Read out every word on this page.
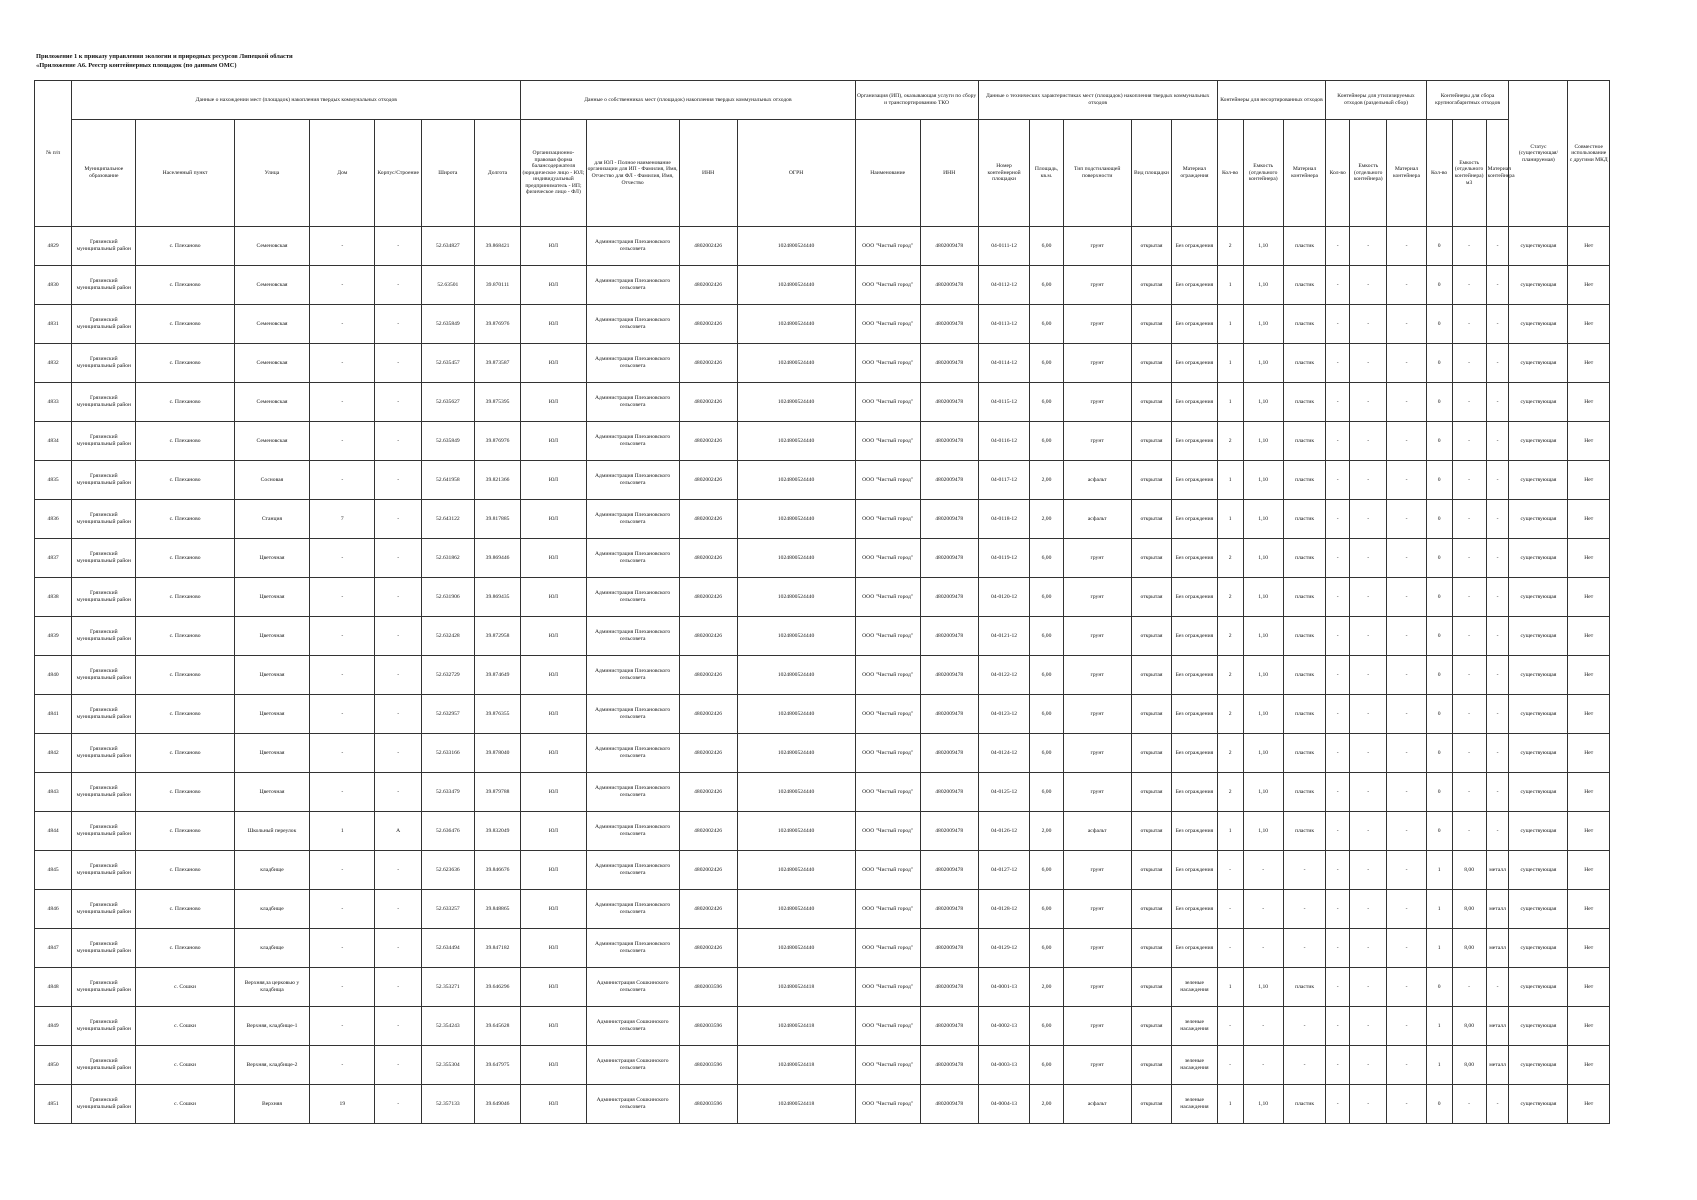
Приложение 1 к приказу управления экологии и природных ресурсов Липецкой области
«Приложение А6. Реестр контейнерных площадок (по данным ОМС)
№ п/п	Данные о нахождении мест (площадок) накопления твердых коммунальных отходов							Данные о собственниках мест (площадок) накопления твердых коммунальных отходов				Организация (ИП), оказывающая услуги по сбору и транспортированию ТКО		Данные о технических характеристиках мест (площадок) накопления твердых коммунальных отходов					Контейнеры для несортированных отходов			Контейнеры для утилизируемых отходов (раздельный сбор)			Контейнеры для сбора крупногабаритных отходов			Статус (существующая/ планируемая)	Совместное использование с другими МКД
	Муниципальное образование	Населенный пункт	Улица	Дом	Корпус/Строение	Широта	Долгота	Организационно-правовая форма балансодержателя (юридическое лицо - ЮЛ; индивидуальный предприниматель - ИП; физическое лицо - ФЛ)	для ЮЛ - Полное наименование организации для ИП - Фамилия, Имя, Отчество для ФЛ - Фамилия, Имя, Отчество	ИНН	ОГРН	Наименование	ИНН	Номер контейнерной площадки	Площадь, кв.м.	Тип подстилающей поверхности	Вид площадки	Материал ограждения	Кол-во	Емкость (отдельного контейнера)	Материал контейнера	Кол-во	Емкость (отдельного контейнера)	Материал контейнера	Кол-во	Емкость (отдельного контейнера) м3	Материал контейнера		
4829	Грязинский муниципальный район	с. Плеханово	Семеновская	-	-	52.634827	39.868421	ЮЛ	Администрация Плехановского сельсовета	4802002426	1024800524440	ООО "Чистый город"	4802009478	04-0111-12	6,00	грунт	открытая	Без ограждения	2	1,10	пластик	-	-	-	0	-	-	существующая	Нет
4830	Грязинский муниципальный район	с. Плеханово	Семеновская	-	-	52.63501	39.870111	ЮЛ	Администрация Плехановского сельсовета	4802002426	1024800524440	ООО "Чистый город"	4802009478	04-0112-12	6,00	грунт	открытая	Без ограждения	1	1,10	пластик	-	-	-	0	-	-	существующая	Нет
4831	Грязинский муниципальный район	с. Плеханово	Семеновская	-	-	52.635849	39.876976	ЮЛ	Администрация Плехановского сельсовета	4802002426	1024800524440	ООО "Чистый город"	4802009478	04-0113-12	6,00	грунт	открытая	Без ограждения	1	1,10	пластик	-	-	-	0	-	-	существующая	Нет
4832	Грязинский муниципальный район	с. Плеханово	Семеновская	-	-	52.635457	39.873587	ЮЛ	Администрация Плехановского сельсовета	4802002426	1024800524440	ООО "Чистый город"	4802009478	04-0114-12	6,00	грунт	открытая	Без ограждения	1	1,10	пластик	-	-	-	0	-	-	существующая	Нет
4833	Грязинский муниципальный район	с. Плеханово	Семеновская	-	-	52.635627	39.875395	ЮЛ	Администрация Плехановского сельсовета	4802002426	1024800524440	ООО "Чистый город"	4802009478	04-0115-12	6,00	грунт	открытая	Без ограждения	1	1,10	пластик	-	-	-	0	-	-	существующая	Нет
4834	Грязинский муниципальный район	с. Плеханово	Семеновская	-	-	52.635849	39.876976	ЮЛ	Администрация Плехановского сельсовета	4802002426	1024800524440	ООО "Чистый город"	4802009478	04-0116-12	6,00	грунт	открытая	Без ограждения	2	1,10	пластик	-	-	-	0	-	-	существующая	Нет
4835	Грязинский муниципальный район	с. Плеханово	Сосновая	-	-	52.641958	39.821366	ЮЛ	Администрация Плехановского сельсовета	4802002426	1024800524440	ООО "Чистый город"	4802009478	04-0117-12	2,00	асфальт	открытая	Без ограждения	1	1,10	пластик	-	-	-	0	-	-	существующая	Нет
4836	Грязинский муниципальный район	с. Плеханово	Станция	7	-	52.643122	39.817885	ЮЛ	Администрация Плехановского сельсовета	4802002426	1024800524440	ООО "Чистый город"	4802009478	04-0118-12	2,00	асфальт	открытая	Без ограждения	1	1,10	пластик	-	-	-	0	-	-	существующая	Нет
4837	Грязинский муниципальный район	с. Плеханово	Цветочная	-	-	52.631862	39.869446	ЮЛ	Администрация Плехановского сельсовета	4802002426	1024800524440	ООО "Чистый город"	4802009478	04-0119-12	6,00	грунт	открытая	Без ограждения	2	1,10	пластик	-	-	-	0	-	-	существующая	Нет
4838	Грязинский муниципальный район	с. Плеханово	Цветочная	-	-	52.631906	39.869435	ЮЛ	Администрация Плехановского сельсовета	4802002426	1024800524440	ООО "Чистый город"	4802009478	04-0120-12	6,00	грунт	открытая	Без ограждения	2	1,10	пластик	-	-	-	0	-	-	существующая	Нет
4839	Грязинский муниципальный район	с. Плеханово	Цветочная	-	-	52.632428	39.872958	ЮЛ	Администрация Плехановского сельсовета	4802002426	1024800524440	ООО "Чистый город"	4802009478	04-0121-12	6,00	грунт	открытая	Без ограждения	2	1,10	пластик	-	-	-	0	-	-	существующая	Нет
4840	Грязинский муниципальный район	с. Плеханово	Цветочная	-	-	52.632729	39.874649	ЮЛ	Администрация Плехановского сельсовета	4802002426	1024800524440	ООО "Чистый город"	4802009478	04-0122-12	6,00	грунт	открытая	Без ограждения	2	1,10	пластик	-	-	-	0	-	-	существующая	Нет
4841	Грязинский муниципальный район	с. Плеханово	Цветочная	-	-	52.632957	39.876355	ЮЛ	Администрация Плехановского сельсовета	4802002426	1024800524440	ООО "Чистый город"	4802009478	04-0123-12	6,00	грунт	открытая	Без ограждения	2	1,10	пластик	-	-	-	0	-	-	существующая	Нет
4842	Грязинский муниципальный район	с. Плеханово	Цветочная	-	-	52.633166	39.878040	ЮЛ	Администрация Плехановского сельсовета	4802002426	1024800524440	ООО "Чистый город"	4802009478	04-0124-12	6,00	грунт	открытая	Без ограждения	2	1,10	пластик	-	-	-	0	-	-	существующая	Нет
4843	Грязинский муниципальный район	с. Плеханово	Цветочная	-	-	52.633479	39.879788	ЮЛ	Администрация Плехановского сельсовета	4802002426	1024800524440	ООО "Чистый город"	4802009478	04-0125-12	6,00	грунт	открытая	Без ограждения	2	1,10	пластик	-	-	-	0	-	-	существующая	Нет
4844	Грязинский муниципальный район	с. Плеханово	Школьный переулок	1	А	52.636476	39.832049	ЮЛ	Администрация Плехановского сельсовета	4802002426	1024800524440	ООО "Чистый город"	4802009478	04-0126-12	2,00	асфальт	открытая	Без ограждения	1	1,10	пластик	-	-	-	0	-	-	существующая	Нет
4845	Грязинский муниципальный район	с. Плеханово	кладбище	-	-	52.623636	39.846676	ЮЛ	Администрация Плехановского сельсовета	4802002426	1024800524440	ООО "Чистый город"	4802009478	04-0127-12	6,00	грунт	открытая	Без ограждения	-	-	-	-	-	-	1	8,00	металл	существующая	Нет
4846	Грязинский муниципальный район	с. Плеханово	кладбище	-	-	52.633257	39.848865	ЮЛ	Администрация Плехановского сельсовета	4802002426	1024800524440	ООО "Чистый город"	4802009478	04-0128-12	6,00	грунт	открытая	Без ограждения	-	-	-	-	-	-	1	8,00	металл	существующая	Нет
4847	Грязинский муниципальный район	с. Плеханово	кладбище	-	-	52.634494	39.847182	ЮЛ	Администрация Плехановского сельсовета	4802002426	1024800524440	ООО "Чистый город"	4802009478	04-0129-12	6,00	грунт	открытая	Без ограждения	-	-	-	-	-	-	1	8,00	металл	существующая	Нет
4848	Грязинский муниципальный район	с. Сошки	Верхняя,за церковью у кладбища	-	-	52.353271	39.646296	ЮЛ	Администрация Сошкинского сельсовета	4802003596	1024800524418	ООО "Чистый город"	4802009478	04-0001-13	2,00	грунт	открытая	зеленые насаждения	1	1,10	пластик	-	-	-	0	-	-	существующая	Нет
4849	Грязинский муниципальный район	с. Сошки	Верхняя, кладбище-1	-	-	52.354243	39.645628	ЮЛ	Администрация Сошкинского сельсовета	4802003596	1024800524418	ООО "Чистый город"	4802009478	04-0002-13	6,00	грунт	открытая	зеленые насаждения	-	-	-	-	-	-	1	8,00	металл	существующая	Нет
4850	Грязинский муниципальный район	с. Сошки	Верхняя, кладбище-2	-	-	52.355304	39.647975	ЮЛ	Администрация Сошкинского сельсовета	4802003596	1024800524418	ООО "Чистый город"	4802009478	04-0003-13	6,00	грунт	открытая	зеленые насаждения	-	-	-	-	-	-	1	8,00	металл	существующая	Нет
4851	Грязинский муниципальный район	с. Сошки	Верхняя	19	-	52.357133	39.649046	ЮЛ	Администрация Сошкинского сельсовета	4802003596	1024800524418	ООО "Чистый город"	4802009478	04-0004-13	2,00	асфальт	открытая	зеленые насаждения	1	1,10	пластик	-	-	-	0	-	-	существующая	Нет
